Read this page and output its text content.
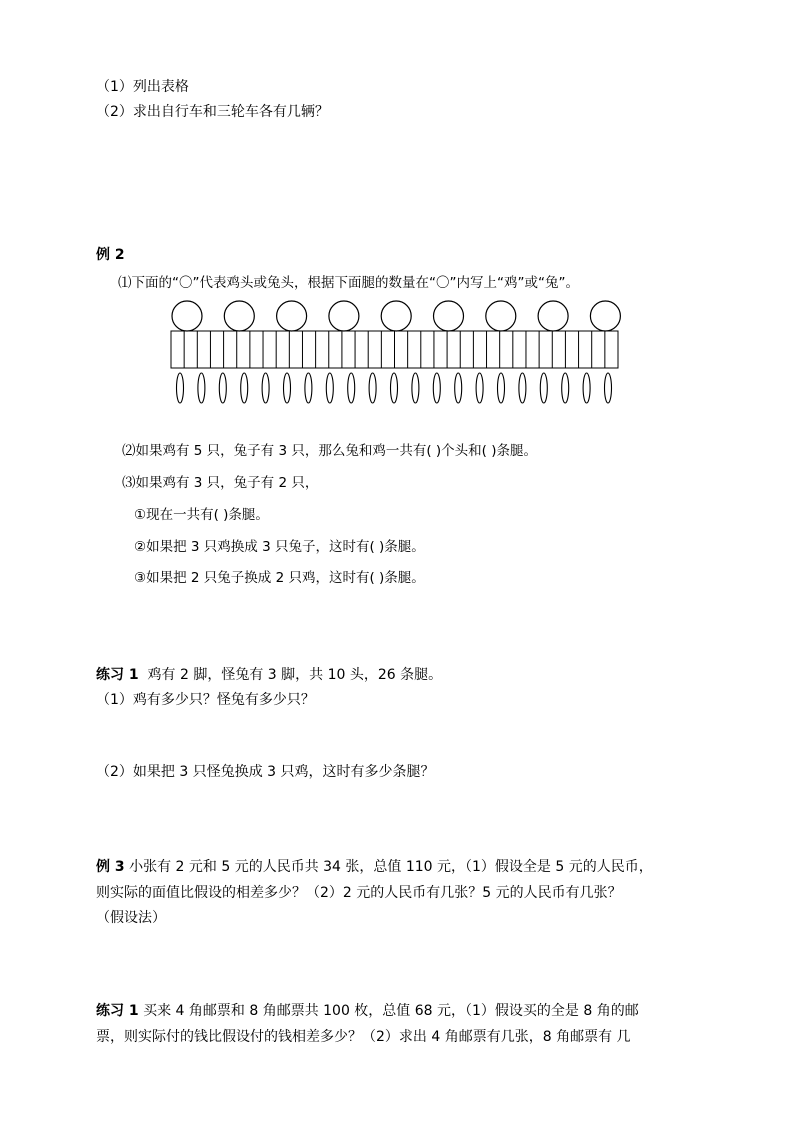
（1）列出表格
（2）求出自行车和三轮车各有几辆？
例 2
⑴下面的“〇”代表鸡头或兔头，根据下面腿的数量在“〇”内写上“鸡”或“兔”。
⑵如果鸡有 5 只，兔子有 3 只，那么兔和鸡一共有( )个头和( )条腿。
⑶如果鸡有 3 只，兔子有 2 只，
①现在一共有( )条腿。
②如果把 3 只鸡换成 3 只兔子，这时有( )条腿。
③如果把 2 只兔子换成 2 只鸡，这时有( )条腿。
练习 1  鸡有 2 脚，怪兔有 3 脚，共 10 头，26 条腿。
（1）鸡有多少只？怪兔有多少只？
（2）如果把 3 只怪兔换成 3 只鸡，这时有多少条腿？
例 3 小张有 2 元和 5 元的人民币共 34 张，总值 110 元，（1）假设全是 5 元的人民币，
则实际的面值比假设的相差多少？（2）2 元的人民币有几张？5 元的人民币有几张？
（假设法）
练习 1 买来 4 角邮票和 8 角邮票共 100 枚，总值 68 元，（1）假设买的全是 8 角的邮
票，则实际付的钱比假设付的钱相差多少？（2）求出 4 角邮票有几张，8 角邮票有 几
